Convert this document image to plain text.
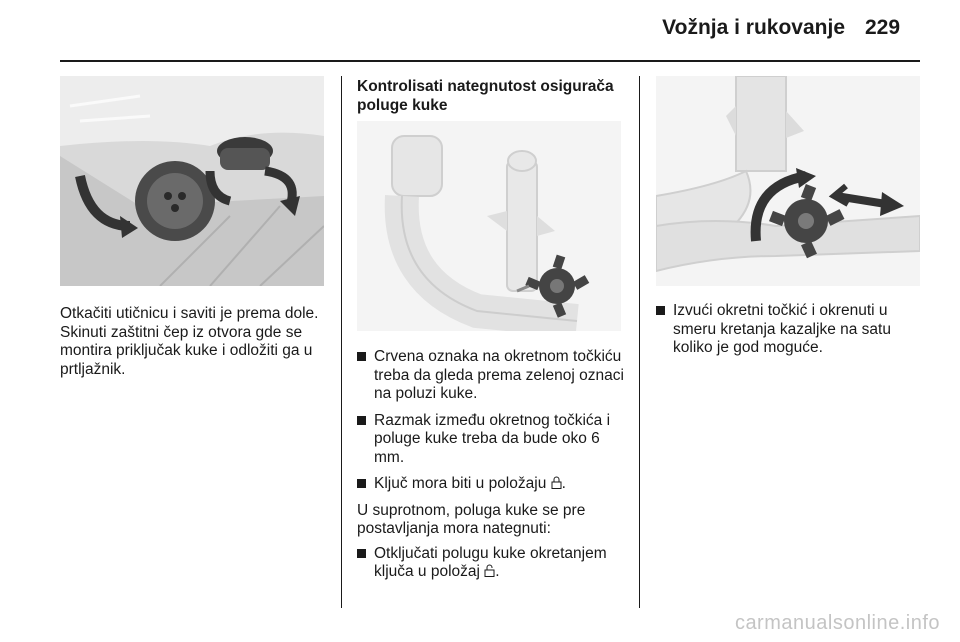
Vožnja i rukovanje 229

Otkačiti utičnicu i saviti je prema dole. Skinuti zaštitni čep iz otvora gde se montira priključak kuke i odložiti ga u prtljažnik.

Kontrolisati nategnutost osigurača poluge kuke
Crvena oznaka na okretnom točkiću treba da gleda prema zelenoj oznaci na poluzi kuke.
Razmak između okretnog točkića i poluge kuke treba da bude oko 6 mm.
Ključ mora biti u položaju .

U suprotnom, poluga kuke se pre postavljanja mora nategnuti:

Otključati polugu kuke okretanjem ključa u položaj .
Izvući okretni točkić i okrenuti u smeru kretanja kazaljke na satu koliko je god moguće.
carmanualsonline.info
